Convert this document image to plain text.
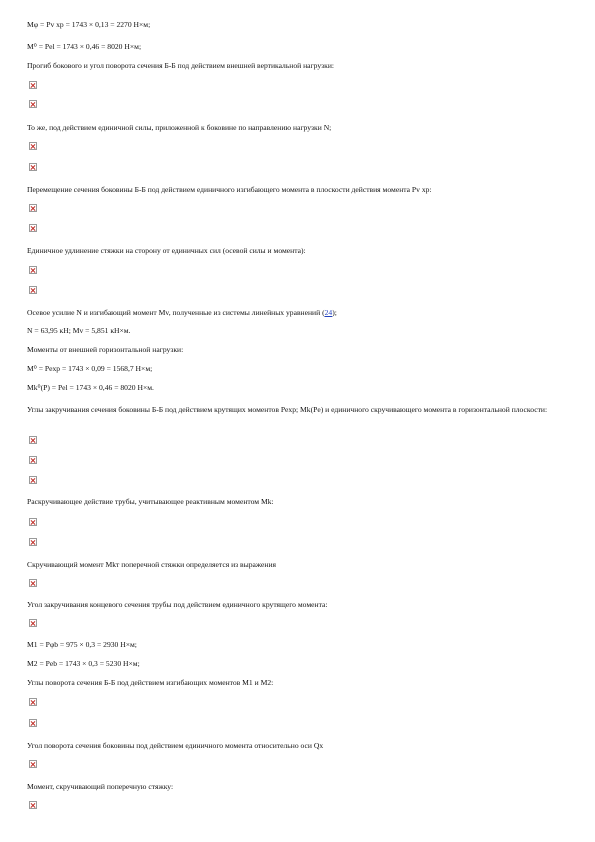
Mφ = Pv xp = 1743 × 0,13 = 2270 Н×м;
M⁰ = Pel = 1743 × 0,46 = 8020 Н×м;
Прогиб бокового и угол поворота сечения Б-Б под действием внешней вертикальной нагрузки:
То же, под действием единичной силы, приложенной к боковине по направлению нагрузки N;
Перемещение сечения боковины Б-Б под действием единичного изгибающего момента в плоскости действия момента Pv xp:
Единичное удлинение стяжки на сторону от единичных сил (осевой силы и момента):
Осевое усилие N и изгибающий момент Mv, полученные из системы линейных уравнений (24);
N = 63,95 кН; Mv = 5,851 кН×м.
Моменты от внешней горизонтальной нагрузки:
M⁰ = Pexp = 1743 × 0,09 = 1568,7 Н×м;
Mk⁰(P) = Pel = 1743 × 0,46 = 8020 Н×м.
Углы закручивания сечения боковины Б-Б под действием крутящих моментов Pexp; Mk(Pe) и единичного скручивающего момента в горизонтальной плоскости:
Раскручивающее действие трубы, учитывающее реактивным моментом Mk:
Скручивающий момент Mkт поперечной стяжки определяется из выражения
Угол закручивания концевого сечения трубы под действием единичного крутящего момента:
M1 = Pφb = 975 × 0,3 = 2930 Н×м;
M2 = Peb = 1743 × 0,3 = 5230 Н×м;
Углы поворота сечения Б-Б под действием изгибающих моментов M1 и M2:
Угол поворота сечения боковины под действием единичного момента относительно оси Qx
Момент, скручивающий поперечную стяжку:
